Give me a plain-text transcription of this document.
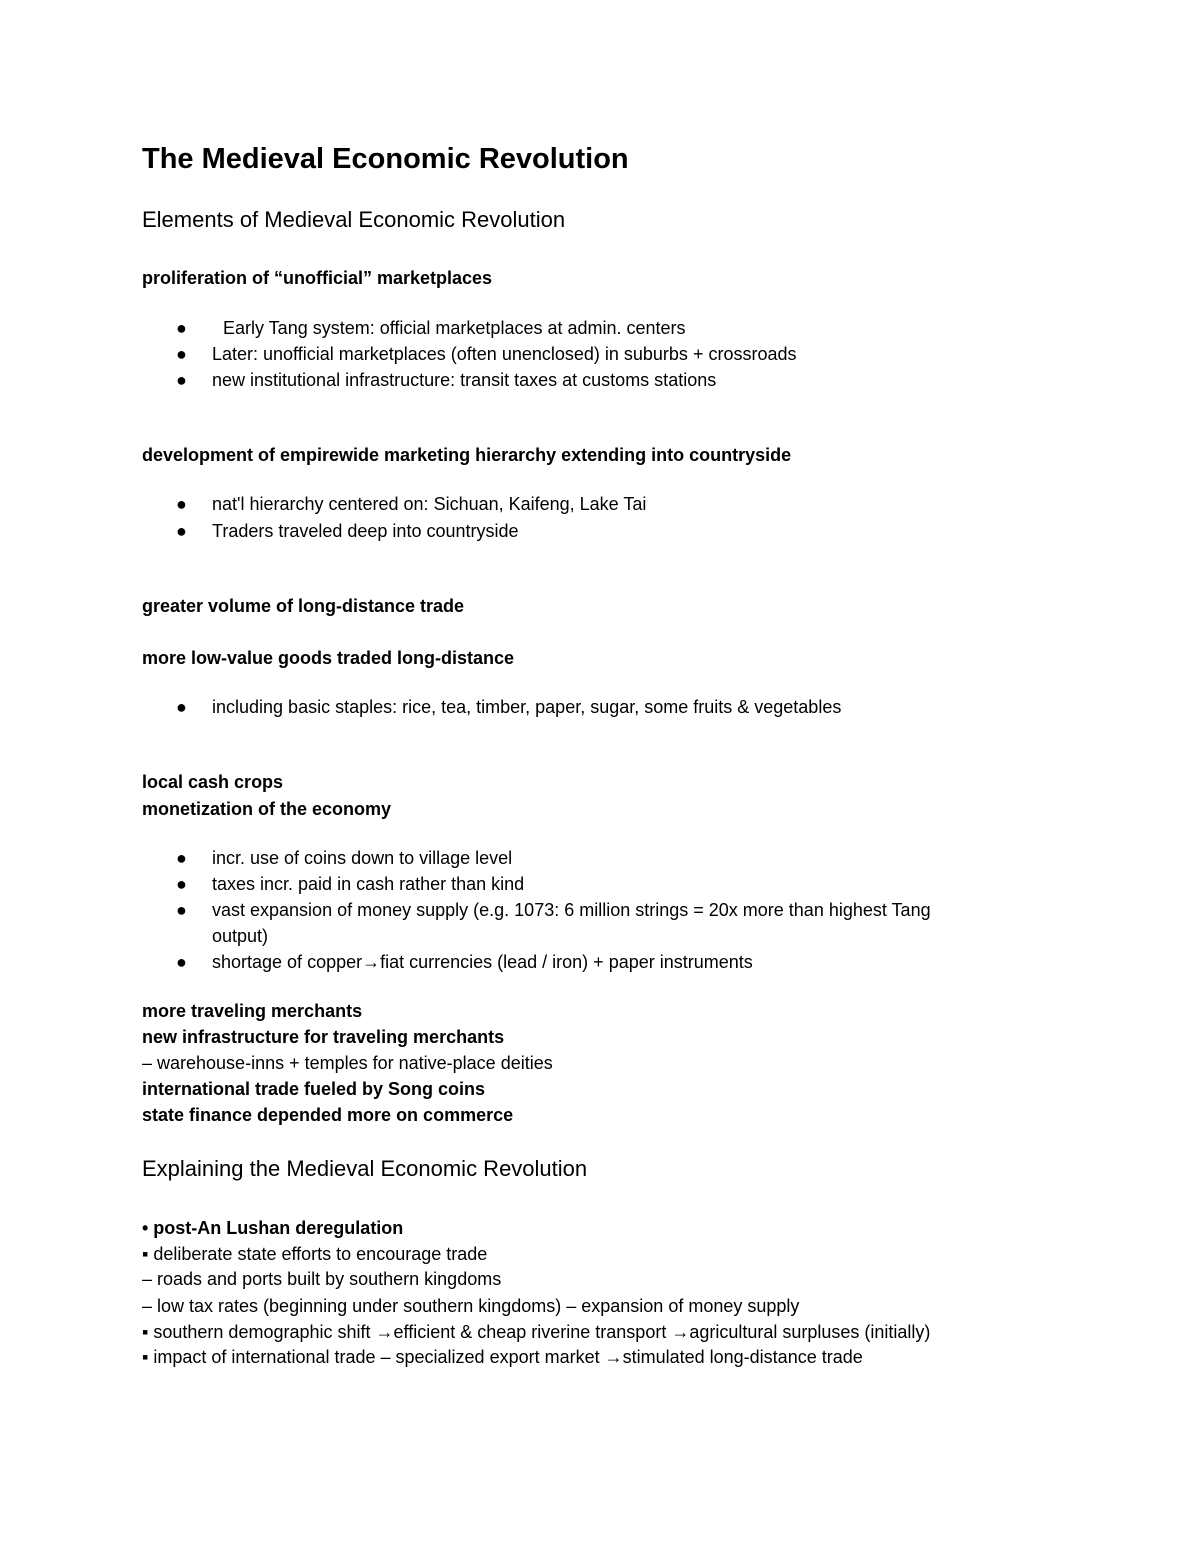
The Medieval Economic Revolution
Elements of Medieval Economic Revolution
proliferation of “unofficial” marketplaces
● Early Tang system: official marketplaces at admin. centers
● Later: unofficial marketplaces (often unenclosed) in suburbs + crossroads
● new institutional infrastructure: transit taxes at customs stations
development of empirewide marketing hierarchy extending into countryside
● nat'l hierarchy centered on: Sichuan, Kaifeng, Lake Tai
● Traders traveled deep into countryside
greater volume of long-distance trade
more low-value goods traded long-distance
● including basic staples: rice, tea, timber, paper, sugar, some fruits & vegetables
local cash crops
monetization of the economy
● incr. use of coins down to village level
● taxes incr. paid in cash rather than kind
● vast expansion of money supply (e.g. 1073: 6 million strings = 20x more than highest Tang
output)
● shortage of copper→fiat currencies (lead / iron) + paper instruments
more traveling merchants
new infrastructure for traveling merchants
– warehouse-inns + temples for native-place deities
international trade fueled by Song coins
state finance depended more on commerce
Explaining the Medieval Economic Revolution
• post-An Lushan deregulation
▪ deliberate state efforts to encourage trade
– roads and ports built by southern kingdoms
– low tax rates (beginning under southern kingdoms) – expansion of money supply
▪ southern demographic shift →efficient & cheap riverine transport →agricultural surpluses (initially)
▪ impact of international trade – specialized export market →stimulated long-distance trade
